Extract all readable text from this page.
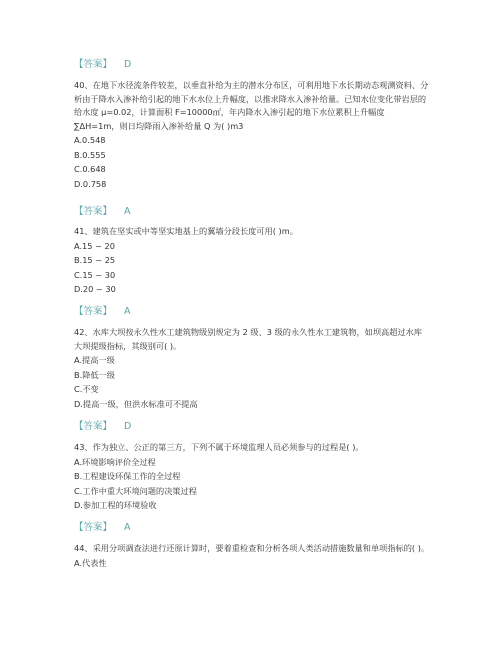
【答案】 D

40、在地下水径流条件较差，以垂直补给为主的潜水分布区，可利用地下水长期动态观测资料、分析由于降水入渗补给引起的地下水水位上升幅度，以推求降水入渗补给量。已知水位变化带岩层的给水度 μ=0.02，计算面积 F=10000㎡，年内降水入渗引起的地下水位累积上升幅度∑ΔH=1m，则日均降雨入渗补给量 Q 为( )m3

A.0.548

B.0.555

C.0.648

D.0.758

【答案】 A

41、建筑在坚实或中等坚实地基上的翼墙分段长度可用( )m。

A.15 ~ 20

B.15 ~ 25

C.15 ~ 30

D.20 ~ 30

【答案】 A

42、水库大坝按永久性水工建筑物级别规定为 2 级、3 级的永久性水工建筑物，如坝高超过水库大坝提级指标，其级别可( )。

A.提高一级

B.降低一级

C.不变

D.提高一级，但洪水标准可不提高

【答案】 D

43、作为独立、公正的第三方，下列不属于环境监理人员必须参与的过程是( )。

A.环境影响评价全过程

B.工程建设环保工作的全过程

C.工作中重大环境问题的决策过程

D.参加工程的环境验收

【答案】 A

44、采用分项调查法进行还原计算时，要着重检查和分析各项人类活动措施数量和单项指标的( )。

A.代表性
